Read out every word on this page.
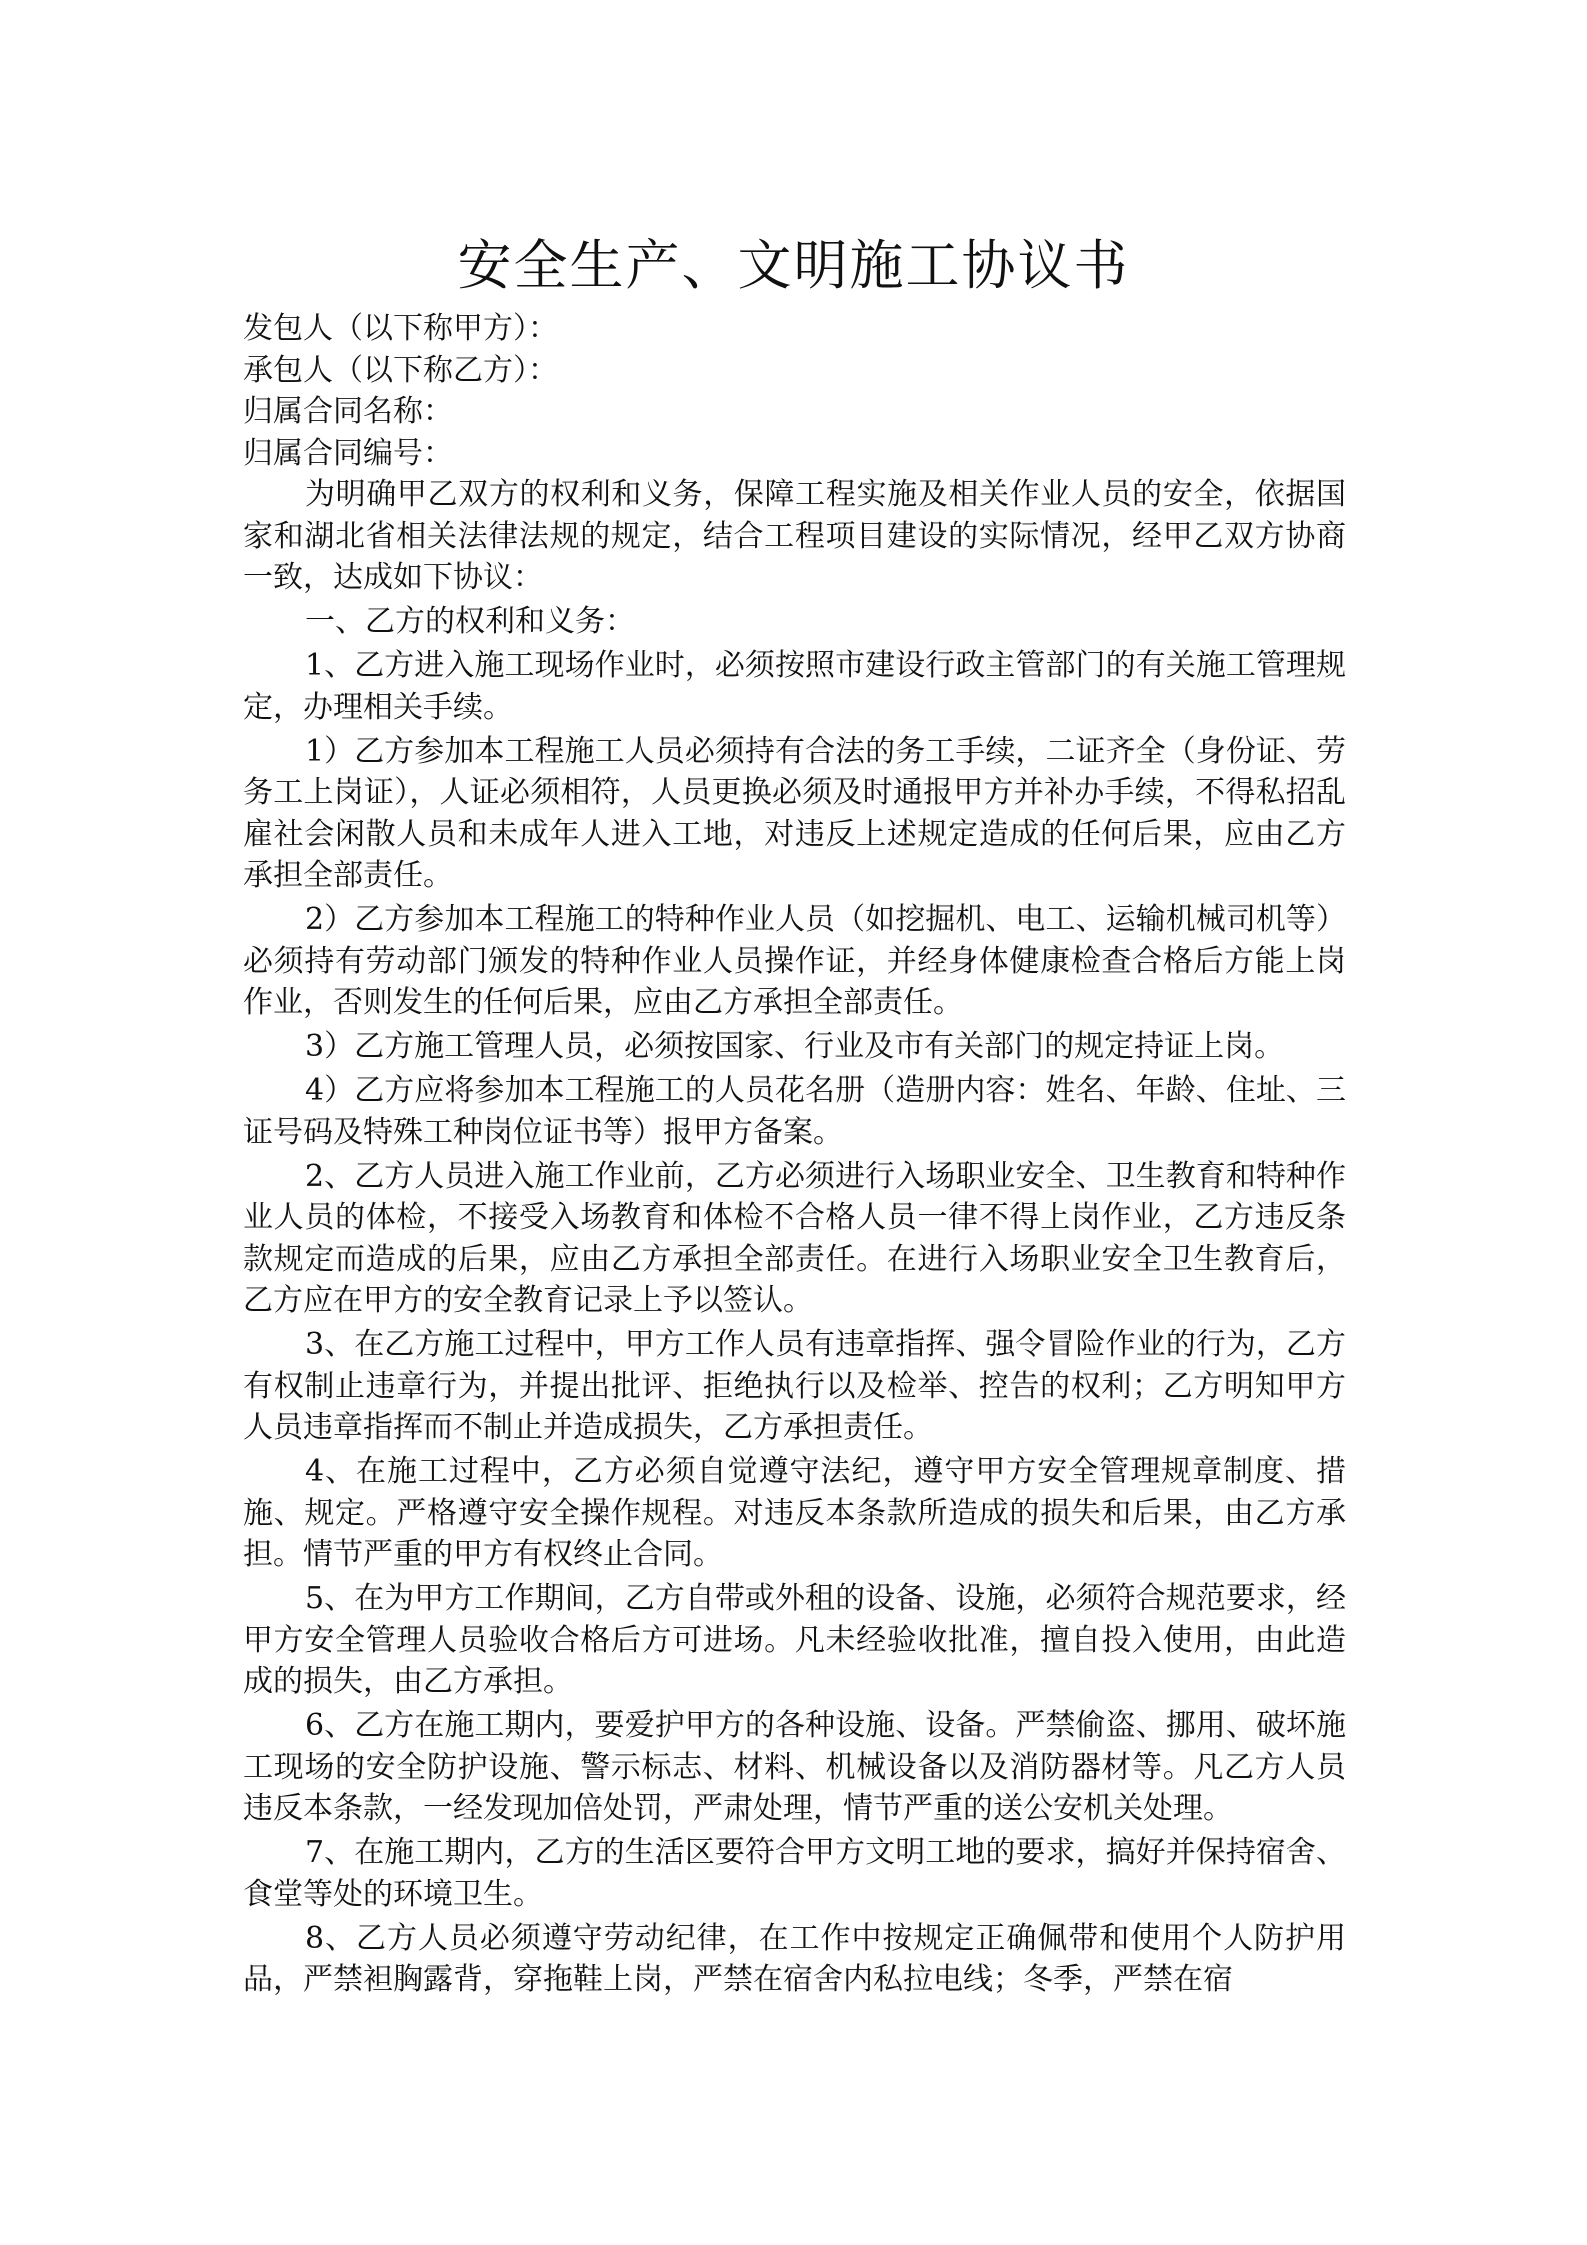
安全生产、文明施工协议书

发包人（以下称甲方）：

承包人（以下称乙方）：

归属合同名称：

归属合同编号：

为明确甲乙双方的权利和义务，保障工程实施及相关作业人员的安全，依据国家和湖北省相关法律法规的规定，结合工程项目建设的实际情况，经甲乙双方协商一致，达成如下协议：

一、乙方的权利和义务：

1、乙方进入施工现场作业时，必须按照市建设行政主管部门的有关施工管理规定，办理相关手续。

1）乙方参加本工程施工人员必须持有合法的务工手续，二证齐全（身份证、劳务工上岗证），人证必须相符，人员更换必须及时通报甲方并补办手续，不得私招乱雇社会闲散人员和未成年人进入工地，对违反上述规定造成的任何后果，应由乙方承担全部责任。

2）乙方参加本工程施工的特种作业人员（如挖掘机、电工、运输机械司机等）必须持有劳动部门颁发的特种作业人员操作证，并经身体健康检查合格后方能上岗作业，否则发生的任何后果，应由乙方承担全部责任。

3）乙方施工管理人员，必须按国家、行业及市有关部门的规定持证上岗。

4）乙方应将参加本工程施工的人员花名册（造册内容：姓名、年龄、住址、三证号码及特殊工种岗位证书等）报甲方备案。

2、乙方人员进入施工作业前，乙方必须进行入场职业安全、卫生教育和特种作业人员的体检，不接受入场教育和体检不合格人员一律不得上岗作业，乙方违反条款规定而造成的后果，应由乙方承担全部责任。在进行入场职业安全卫生教育后，乙方应在甲方的安全教育记录上予以签认。

3、在乙方施工过程中，甲方工作人员有违章指挥、强令冒险作业的行为，乙方有权制止违章行为，并提出批评、拒绝执行以及检举、控告的权利；乙方明知甲方人员违章指挥而不制止并造成损失，乙方承担责任。

4、在施工过程中，乙方必须自觉遵守法纪，遵守甲方安全管理规章制度、措施、规定。严格遵守安全操作规程。对违反本条款所造成的损失和后果，由乙方承担。情节严重的甲方有权终止合同。

5、在为甲方工作期间，乙方自带或外租的设备、设施，必须符合规范要求，经甲方安全管理人员验收合格后方可进场。凡未经验收批准，擅自投入使用，由此造成的损失，由乙方承担。

6、乙方在施工期内，要爱护甲方的各种设施、设备。严禁偷盗、挪用、破坏施工现场的安全防护设施、警示标志、材料、机械设备以及消防器材等。凡乙方人员违反本条款，一经发现加倍处罚，严肃处理，情节严重的送公安机关处理。

7、在施工期内，乙方的生活区要符合甲方文明工地的要求，搞好并保持宿舍、食堂等处的环境卫生。

8、乙方人员必须遵守劳动纪律，在工作中按规定正确佩带和使用个人防护用品，严禁袒胸露背，穿拖鞋上岗，严禁在宿舍内私拉电线；冬季，严禁在宿
